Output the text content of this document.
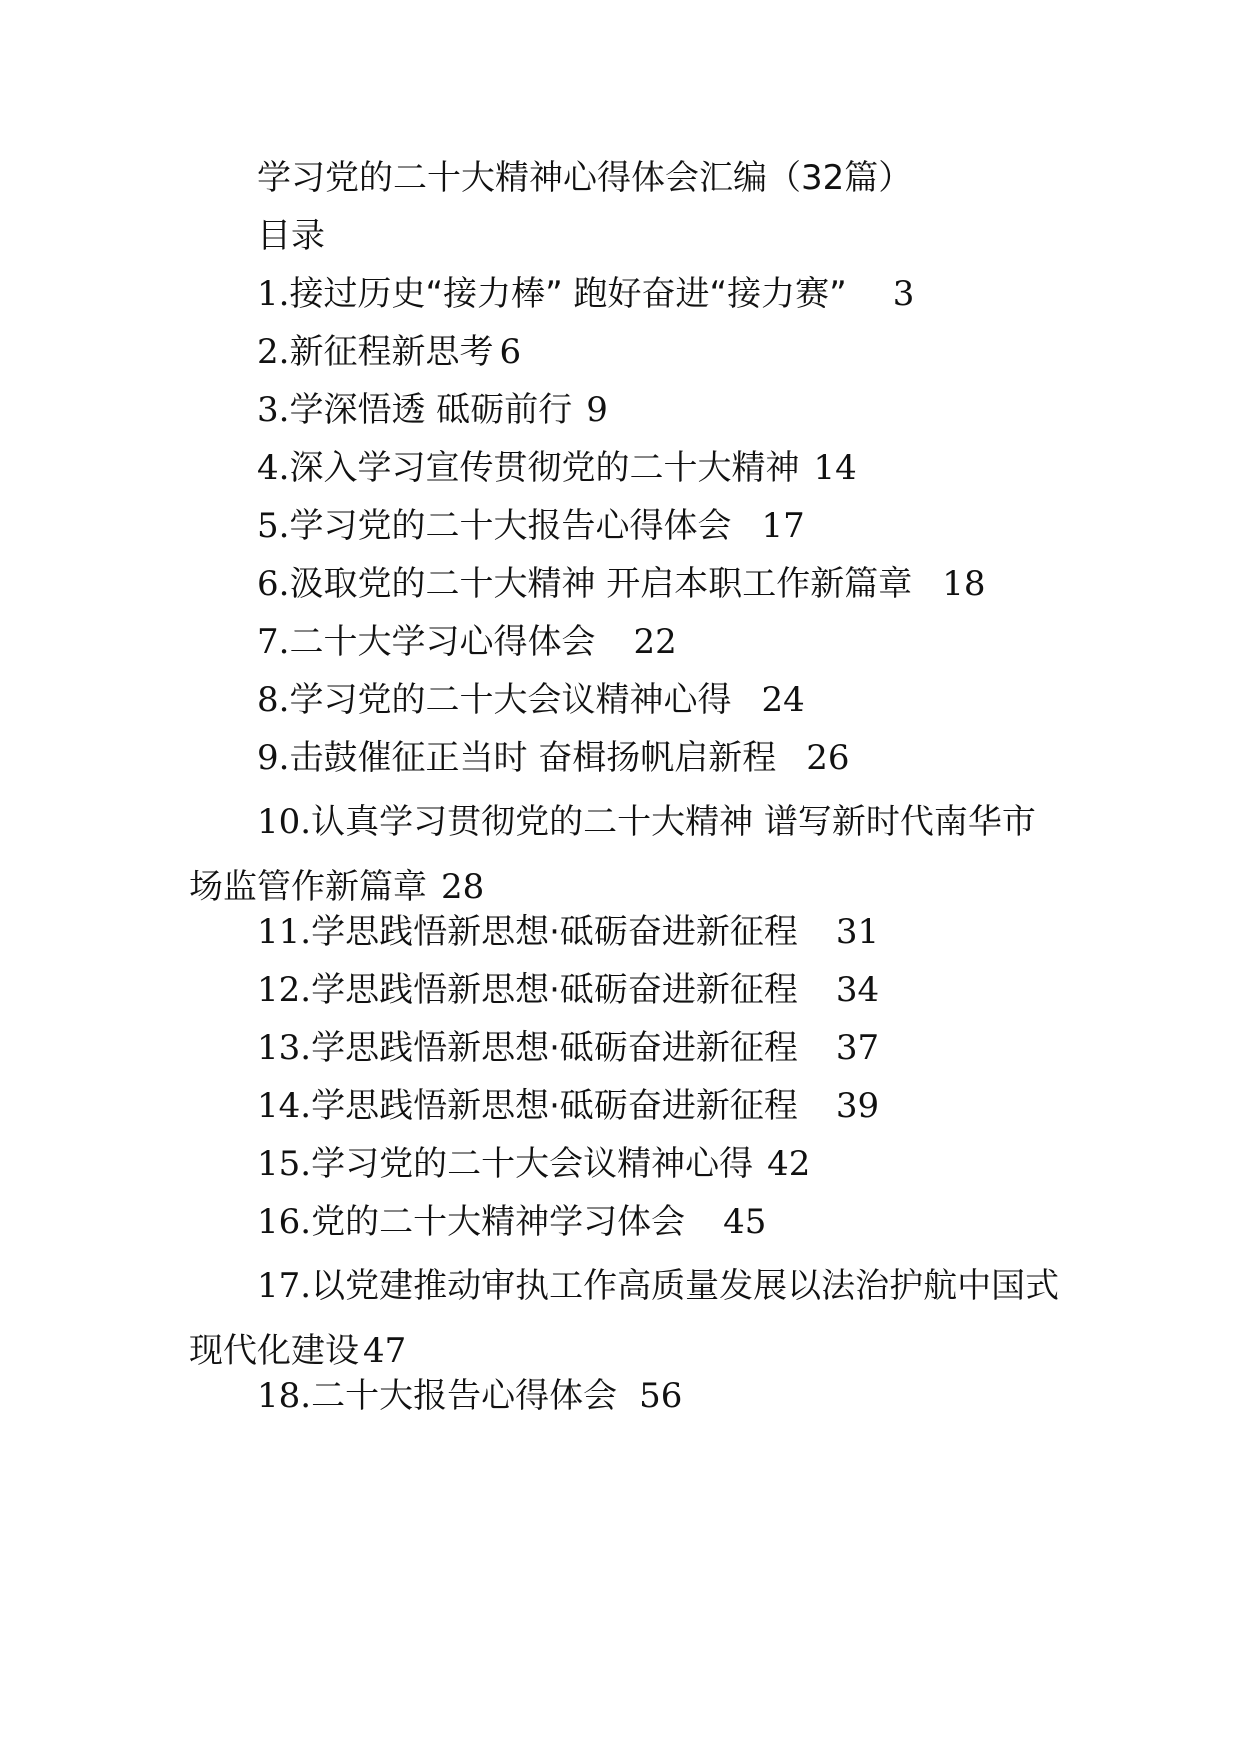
学习党的二十大精神心得体会汇编（32篇）
目录
1.接过历史“接力棒” 跑好奋进“接力赛” 3
2.新征程新思考 6
3.学深悟透 砥砺前行 9
4.深入学习宣传贯彻党的二十大精神 14
5.学习党的二十大报告心得体会 17
6.汲取党的二十大精神 开启本职工作新篇章 18
7.二十大学习心得体会 22
8.学习党的二十大会议精神心得 24
9.击鼓催征正当时 奋楫扬帆启新程 26
10.认真学习贯彻党的二十大精神 谱写新时代南华市场监管作新篇章 28
11.学思践悟新思想·砥砺奋进新征程 31
12.学思践悟新思想·砥砺奋进新征程 34
13.学思践悟新思想·砥砺奋进新征程 37
14.学思践悟新思想·砥砺奋进新征程 39
15.学习党的二十大会议精神心得 42
16.党的二十大精神学习体会 45
17.以党建推动审执工作高质量发展以法治护航中国式现代化建设 47
18.二十大报告心得体会 56
